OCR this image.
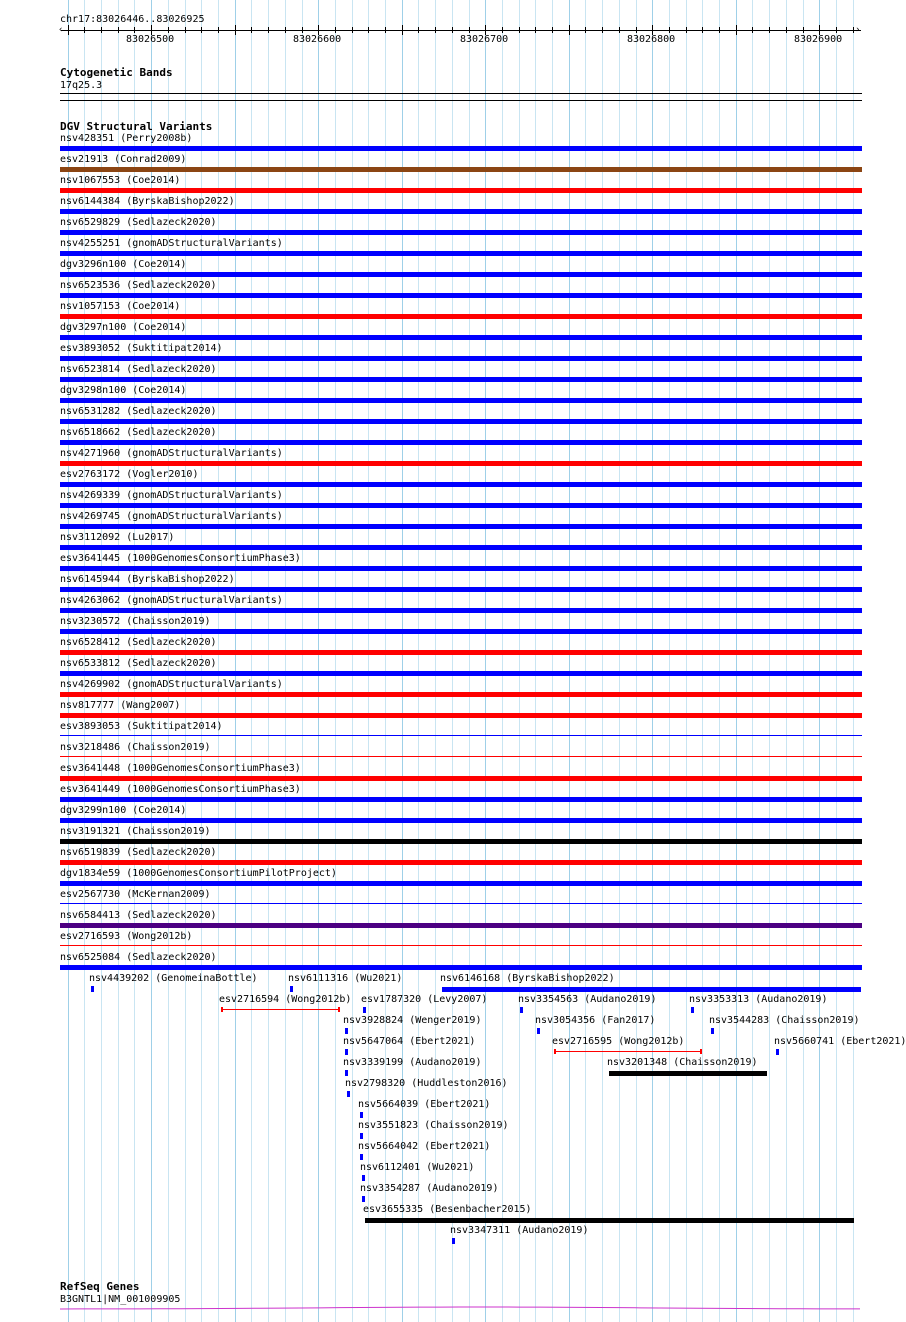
chr17:83026446..83026925
‹	›
83026500	83026600	83026700	83026800	83026900
Cytogenetic Bands
17q25.3
DGV Structural Variants
nsv428351 (Perry2008b)
esv21913 (Conrad2009)
nsv1067553 (Coe2014)
nsv6144384 (ByrskaBishop2022)
nsv6529829 (Sedlazeck2020)
nsv4255251 (gnomADStructuralVariants)
dgv3296n100 (Coe2014)
nsv6523536 (Sedlazeck2020)
nsv1057153 (Coe2014)
dgv3297n100 (Coe2014)
esv3893052 (Suktitipat2014)
nsv6523814 (Sedlazeck2020)
dgv3298n100 (Coe2014)
nsv6531282 (Sedlazeck2020)
nsv6518662 (Sedlazeck2020)
nsv4271960 (gnomADStructuralVariants)
esv2763172 (Vogler2010)
nsv4269339 (gnomADStructuralVariants)
nsv4269745 (gnomADStructuralVariants)
nsv3112092 (Lu2017)
esv3641445 (1000GenomesConsortiumPhase3)
nsv6145944 (ByrskaBishop2022)
nsv4263062 (gnomADStructuralVariants)
nsv3230572 (Chaisson2019)
nsv6528412 (Sedlazeck2020)
nsv6533812 (Sedlazeck2020)
nsv4269902 (gnomADStructuralVariants)
nsv817777 (Wang2007)
esv3893053 (Suktitipat2014)
nsv3218486 (Chaisson2019)
esv3641448 (1000GenomesConsortiumPhase3)
esv3641449 (1000GenomesConsortiumPhase3)
dgv3299n100 (Coe2014)
nsv3191321 (Chaisson2019)
nsv6519839 (Sedlazeck2020)
dgv1834e59 (1000GenomesConsortiumPilotProject)
esv2567730 (McKernan2009)
nsv6584413 (Sedlazeck2020)
esv2716593 (Wong2012b)
nsv6525084 (Sedlazeck2020)
nsv4439202 (GenomeinaBottle)	nsv6111316 (Wu2021)	nsv6146168 (ByrskaBishop2022)
esv2716594 (Wong2012b) esv1787320 (Levy2007)	nsv3354563 (Audano2019)	nsv3353313 (Audano2019)
nsv3928824 (Wenger2019)	nsv3054356 (Fan2017)	nsv3544283 (Chaisson2019)
nsv5647064 (Ebert2021)	esv2716595 (Wong2012b)	nsv5660741 (Ebert2021)
nsv3339199 (Audano2019)	nsv3201348 (Chaisson2019)
nsv2798320 (Huddleston2016)
nsv5664039 (Ebert2021)
nsv3551823 (Chaisson2019)
nsv5664042 (Ebert2021)
nsv6112401 (Wu2021)
nsv3354287 (Audano2019)
esv3655335 (Besenbacher2015)
nsv3347311 (Audano2019)
RefSeq Genes
B3GNTL1|NM_001009905
